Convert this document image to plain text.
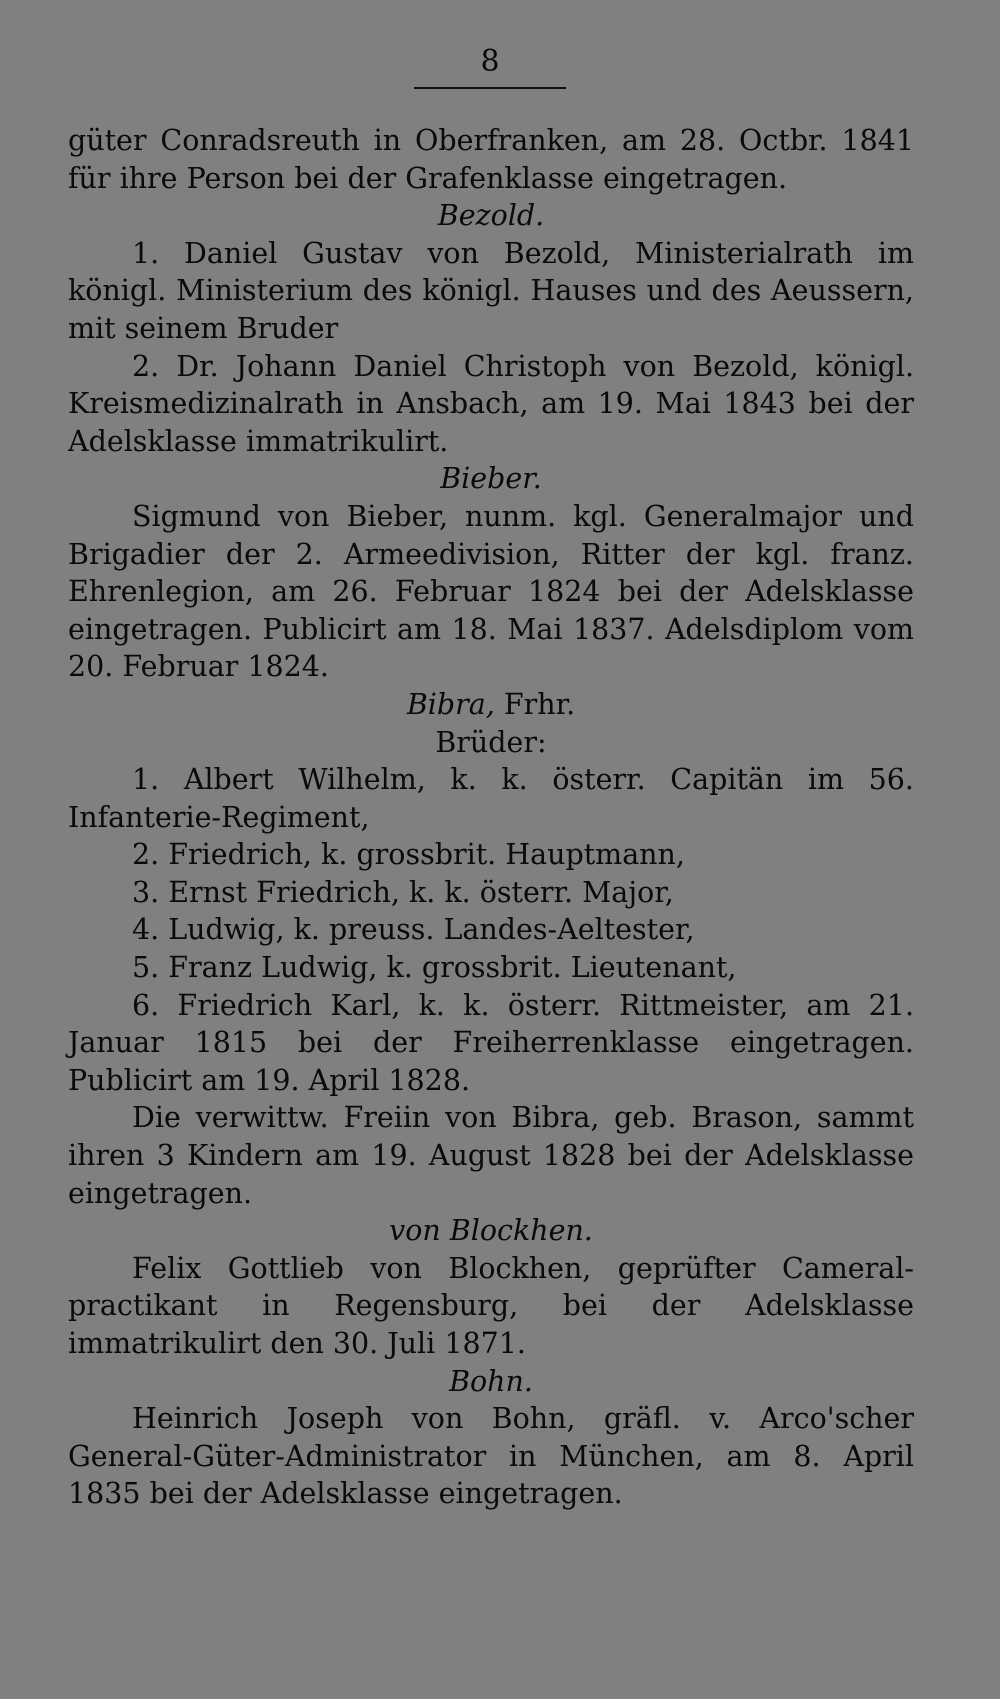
8

güter Conradsreuth in Oberfranken, am 28. Octbr. 1841 für ihre Person bei der Grafenklasse eingetragen.

Bezold.

1. Daniel Gustav von Bezold, Ministerialrath im königl. Ministerium des königl. Hauses und des Aeussern, mit seinem Bruder

2. Dr. Johann Daniel Christoph von Bezold, königl. Kreismedizinalrath in Ansbach, am 19. Mai 1843 bei der Adelsklasse immatrikulirt.

Bieber.

Sigmund von Bieber, nunm. kgl. Generalmajor und Brigadier der 2. Armeedivision, Ritter der kgl. franz. Ehrenlegion, am 26. Februar 1824 bei der Adelsklasse eingetragen. Publicirt am 18. Mai 1837. Adelsdiplom vom 20. Februar 1824.

Bibra, Frhr.

Brüder:

1. Albert Wilhelm, k. k. österr. Capitän im 56. Infanterie-Regiment,

2. Friedrich, k. grossbrit. Hauptmann,

3. Ernst Friedrich, k. k. österr. Major,

4. Ludwig, k. preuss. Landes-Aeltester,

5. Franz Ludwig, k. grossbrit. Lieutenant,

6. Friedrich Karl, k. k. österr. Rittmeister, am 21. Januar 1815 bei der Freiherrenklasse eingetragen. Publicirt am 19. April 1828.

Die verwittw. Freiin von Bibra, geb. Brason, sammt ihren 3 Kindern am 19. August 1828 bei der Adelsklasse eingetragen.

von Blockhen.

Felix Gottlieb von Blockhen, geprüfter Cameral-practikant in Regensburg, bei der Adelsklasse immatrikulirt den 30. Juli 1871.

Bohn.

Heinrich Joseph von Bohn, gräfl. v. Arco'scher General-Güter-Administrator in München, am 8. April 1835 bei der Adelsklasse eingetragen.
